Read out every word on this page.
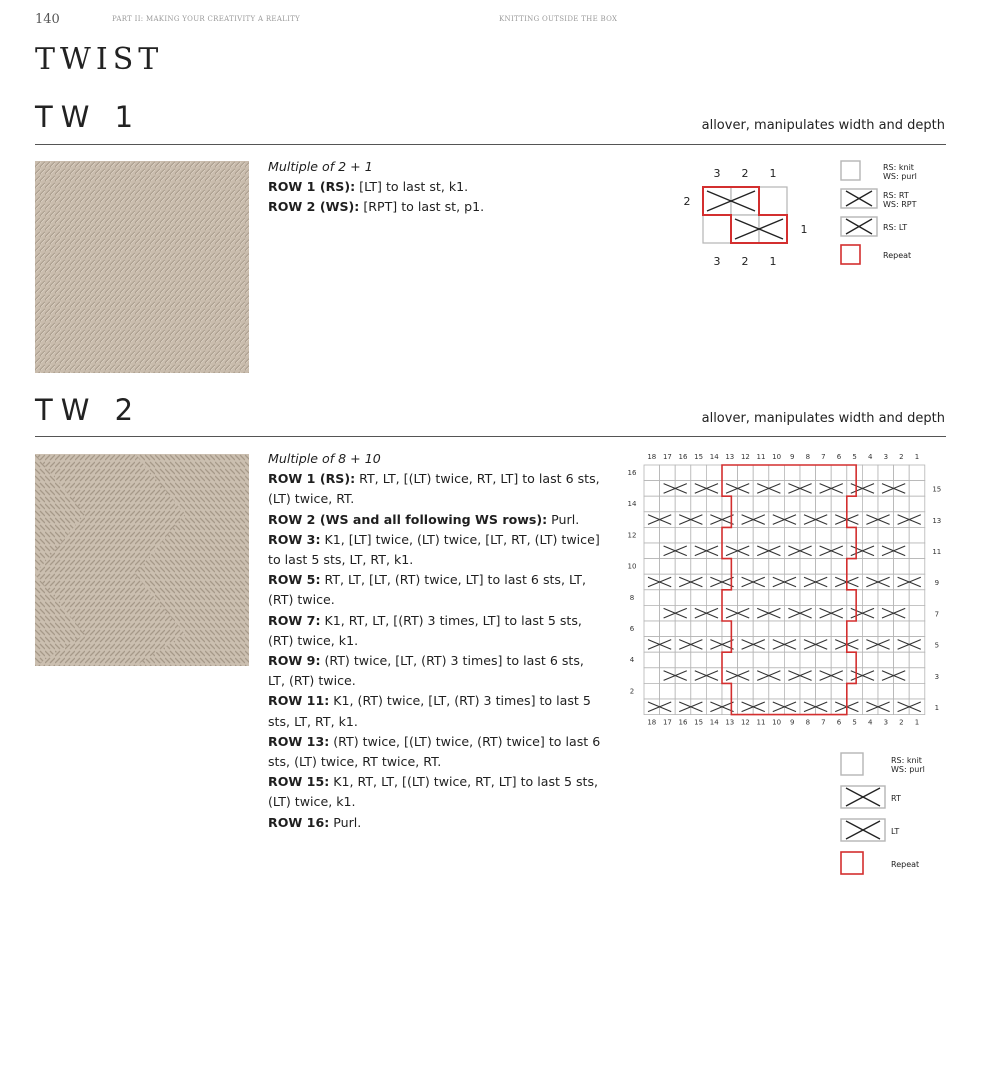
140	PART II: MAKING YOUR CREATIVITY A REALITY	KNITTING OUTSIDE THE BOX
TWIST
TW 1	allover, manipulates width and depth

Multiple of 2 + 1

ROW 1 (RS): [LT] to last st, k1.

ROW 2 (WS): [RPT] to last st, p1.

3
3
2
2
1
1
2
1
RS: knit
WS: purl
RS: RT
WS: RPT
RS: LT
Repeat
TW 2	allover, manipulates width and depth

Multiple of 8 + 10

ROW 1 (RS): RT, LT, [(LT) twice, RT, LT] to last 6 sts, (LT) twice, RT.

ROW 2 (WS and all following WS rows): Purl.

ROW 3: K1, [LT] twice, (LT) twice, [LT, RT, (LT) twice] to last 5 sts, LT, RT, k1.

ROW 5: RT, LT, [LT, (RT) twice, LT] to last 6 sts, LT, (RT) twice.

ROW 7: K1, RT, LT, [(RT) 3 times, LT] to last 5 sts, (RT) twice, k1.

ROW 9: (RT) twice, [LT, (RT) 3 times] to last 6 sts, LT, (RT) twice.

ROW 11: K1, (RT) twice, [LT, (RT) 3 times] to last 5 sts, LT, RT, k1.

ROW 13: (RT) twice, [(LT) twice, (RT) twice] to last 6 sts, (LT) twice, RT twice, RT.

ROW 15: K1, RT, LT, [(LT) twice, RT, LT] to last 5 sts, (LT) twice, k1.

ROW 16: Purl.

18
18
17
17
16
16
15
15
14
14
13
13
12
12
11
11
10
10
9
9
8
8
7
7
6
6
5
5
4
4
3
3
2
2
1
1
16
14
12
10
8
6
4
2
15
13
11
9
7
5
3
1
RS: knit
WS: purl
RT
LT
Repeat
